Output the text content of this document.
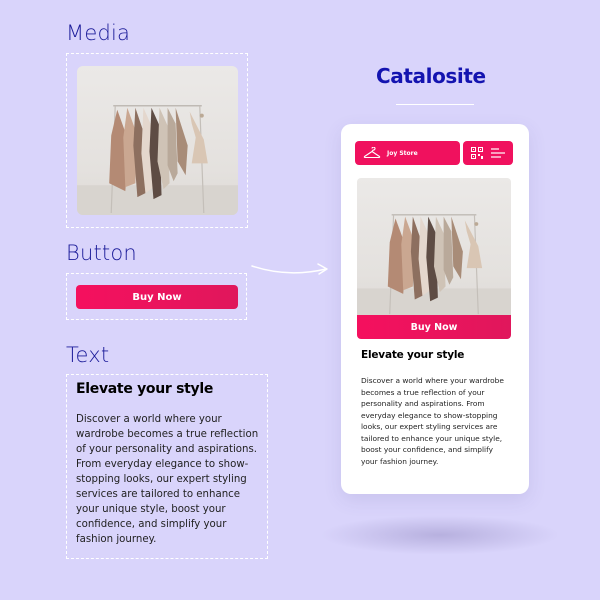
Media
Button
Text
Buy Now
Elevate your style

Discover a world where your wardrobe becomes a true reflection of your personality and aspirations. From everyday elegance to show-stopping looks, our expert styling services are tailored to enhance your unique style, boost your confidence, and simplify your fashion journey.

Catalosite
Joy Store
Buy Now
Elevate your style

Discover a world where your wardrobe becomes a true reflection of your personality and aspirations. From everyday elegance to show-stopping looks, our expert styling services are tailored to enhance your unique style, boost your confidence, and simplify your fashion journey.
